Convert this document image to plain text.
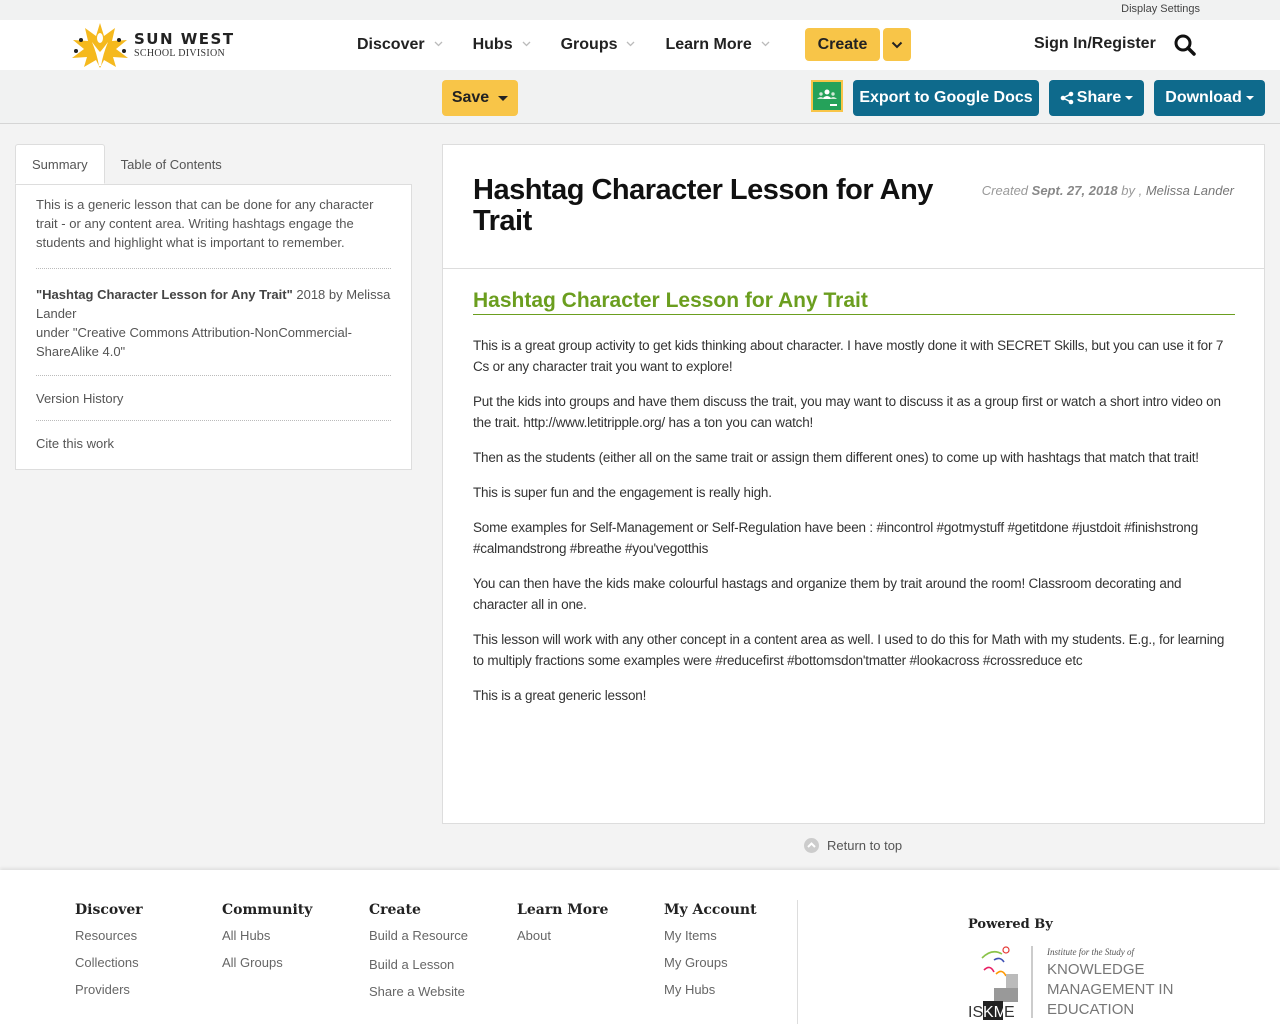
Display Settings
SUN WEST
SCHOOL DIVISION	Discover	Hubs	Groups	Learn More	Create	Sign In/Register
Save	Export to Google Docs	Share	Download
Summary	Table of Contents
This is a generic lesson that can be done for any character trait - or any content area. Writing hashtags engage the students and highlight what is important to remember.
"Hashtag Character Lesson for Any Trait" 2018 by Melissa Lander
under "Creative Commons Attribution-NonCommercial-ShareAlike 4.0"
Version History
Cite this work
Hashtag Character Lesson for Any Trait
Created Sept. 27, 2018 by , Melissa Lander
Hashtag Character Lesson for Any Trait

This is a great group activity to get kids thinking about character. I have mostly done it with SECRET Skills, but you can use it for 7 Cs or any character trait you want to explore!

Put the kids into groups and have them discuss the trait, you may want to discuss it as a group first or watch a short intro video on the trait. http://www.letitripple.org/ has a ton you can watch!

Then as the students (either all on the same trait or assign them different ones) to come up with hashtags that match that trait!

This is super fun and the engagement is really high.

Some examples for Self-Management or Self-Regulation have been : #incontrol #gotmystuff #getitdone #justdoit #finishstrong #calmandstrong #breathe #you'vegotthis

You can then have the kids make colourful hastags and organize them by trait around the room! Classroom decorating and character all in one.

This lesson will work with any other concept in a content area as well. I used to do this for Math with my students. E.g., for learning to multiply fractions some examples were #reducefirst #bottomsdon'tmatter #lookacross #crossreduce etc

This is a great generic lesson!

Return to top
Discover
Resources
Collections
Providers
Community
All Hubs
All Groups
Create
Build a Resource
Build a Lesson
Share a Website
Learn More
About
My Account
My Items
My Groups
My Hubs
Powered By
IS KM
E
Institute for the Study of
KNOWLEDGE
MANAGEMENT IN
EDUCATION
